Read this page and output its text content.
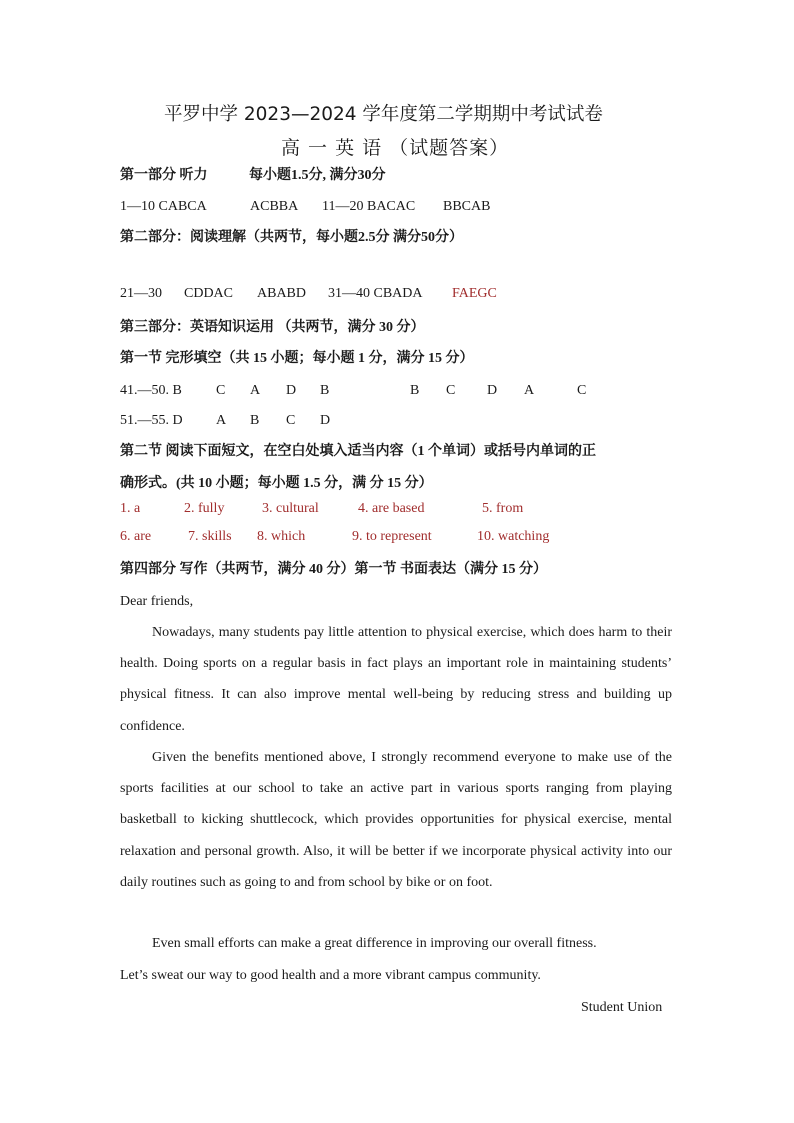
平罗中学 2023—2024 学年度第二学期期中考试试卷
高 一 英 语 （试题答案）
第一部分 听力	每小题1.5分, 满分30分
1—10 CABCA	ACBBA 11—20 BACAC BBCAB
第二部分：阅读理解（共两节，每小题2.5分 满分50分）
21—30 CDDAC ABABD 31—40 CBADA FAEGC
第三部分：英语知识运用 （共两节，满分 30 分）
第一节 完形填空（共 15 小题；每小题 1 分，满分 15 分）
41.—50. B C A D B	B C D A	C
51.—55. D A B C D
第二节 阅读下面短文，在空白处填入适当内容（1 个单词）或括号内单词的正
确形式。(共 10 小题；每小题 1.5 分，满 分 15 分）
1. a	2. fully	3. cultural	4. are based	5. from
6. are	7. skills 8. which	9. to represent	10. watching
第四部分 写作（共两节，满分 40 分）第一节 书面表达（满分 15 分）
Dear friends,

Nowadays, many students pay little attention to physical exercise, which does harm to their health. Doing sports on a regular basis in fact plays an important role in maintaining students’ physical fitness. It can also improve mental well-being by reducing stress and building up confidence.

Given the benefits mentioned above, I strongly recommend everyone to make use of the sports facilities at our school to take an active part in various sports ranging from playing basketball to kicking shuttlecock, which provides opportunities for physical exercise, mental relaxation and personal growth. Also, it will be better if we incorporate physical activity into our daily routines such as going to and from school by bike or on foot.

Even small efforts can make a great difference in improving our overall fitness.
Let’s sweat our way to good health and a more vibrant campus community.
Student Union
